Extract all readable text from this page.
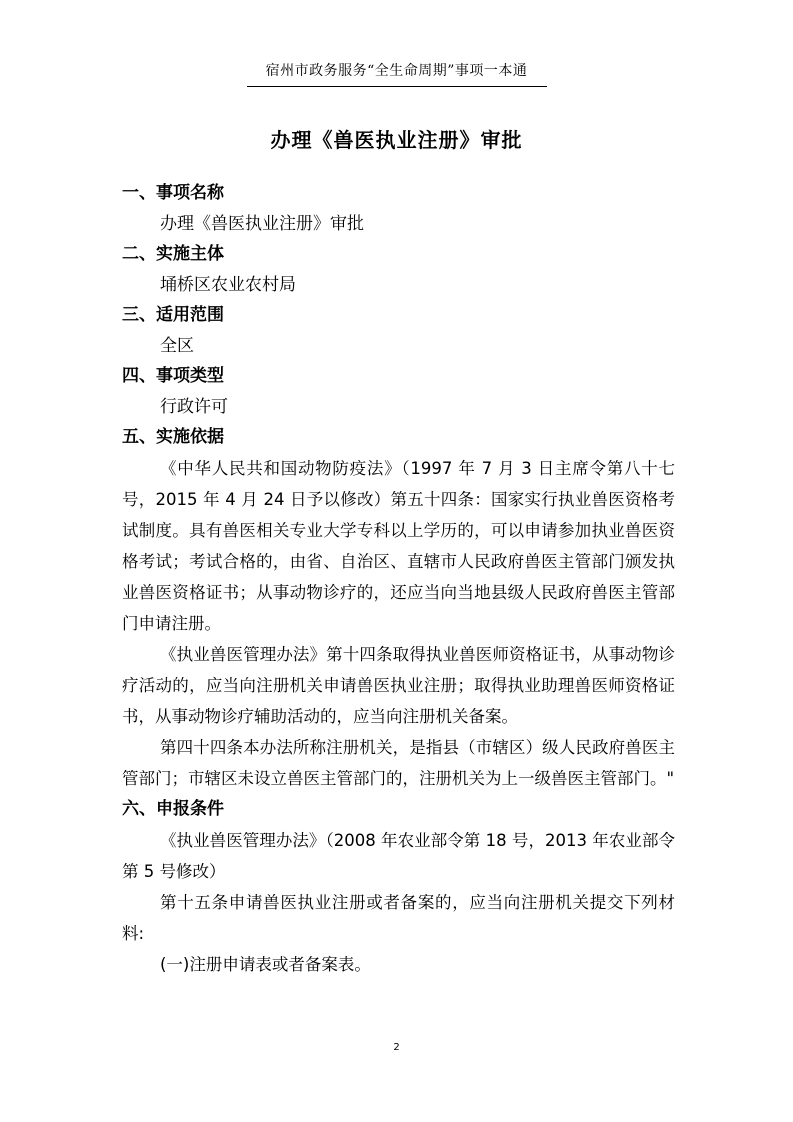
宿州市政务服务“全生命周期”事项一本通
办理《兽医执业注册》审批
一、事项名称
办理《兽医执业注册》审批
二、实施主体
埇桥区农业农村局
三、适用范围
全区
四、事项类型
行政许可
五、实施依据

《中华人民共和国动物防疫法》（1997 年 7 月 3 日主席令第八十七号，2015 年 4 月 24 日予以修改）第五十四条：国家实行执业兽医资格考试制度。具有兽医相关专业大学专科以上学历的，可以申请参加执业兽医资格考试；考试合格的，由省、自治区、直辖市人民政府兽医主管部门颁发执业兽医资格证书；从事动物诊疗的，还应当向当地县级人民政府兽医主管部门申请注册。

《执业兽医管理办法》第十四条取得执业兽医师资格证书，从事动物诊疗活动的，应当向注册机关申请兽医执业注册；取得执业助理兽医师资格证书，从事动物诊疗辅助活动的，应当向注册机关备案。

第四十四条本办法所称注册机关，是指县（市辖区）级人民政府兽医主管部门；市辖区未设立兽医主管部门的，注册机关为上一级兽医主管部门。"

六、申报条件

《执业兽医管理办法》（2008 年农业部令第 18 号，2013 年农业部令第 5 号修改）

第十五条申请兽医执业注册或者备案的，应当向注册机关提交下列材料:

(一)注册申请表或者备案表。

2
